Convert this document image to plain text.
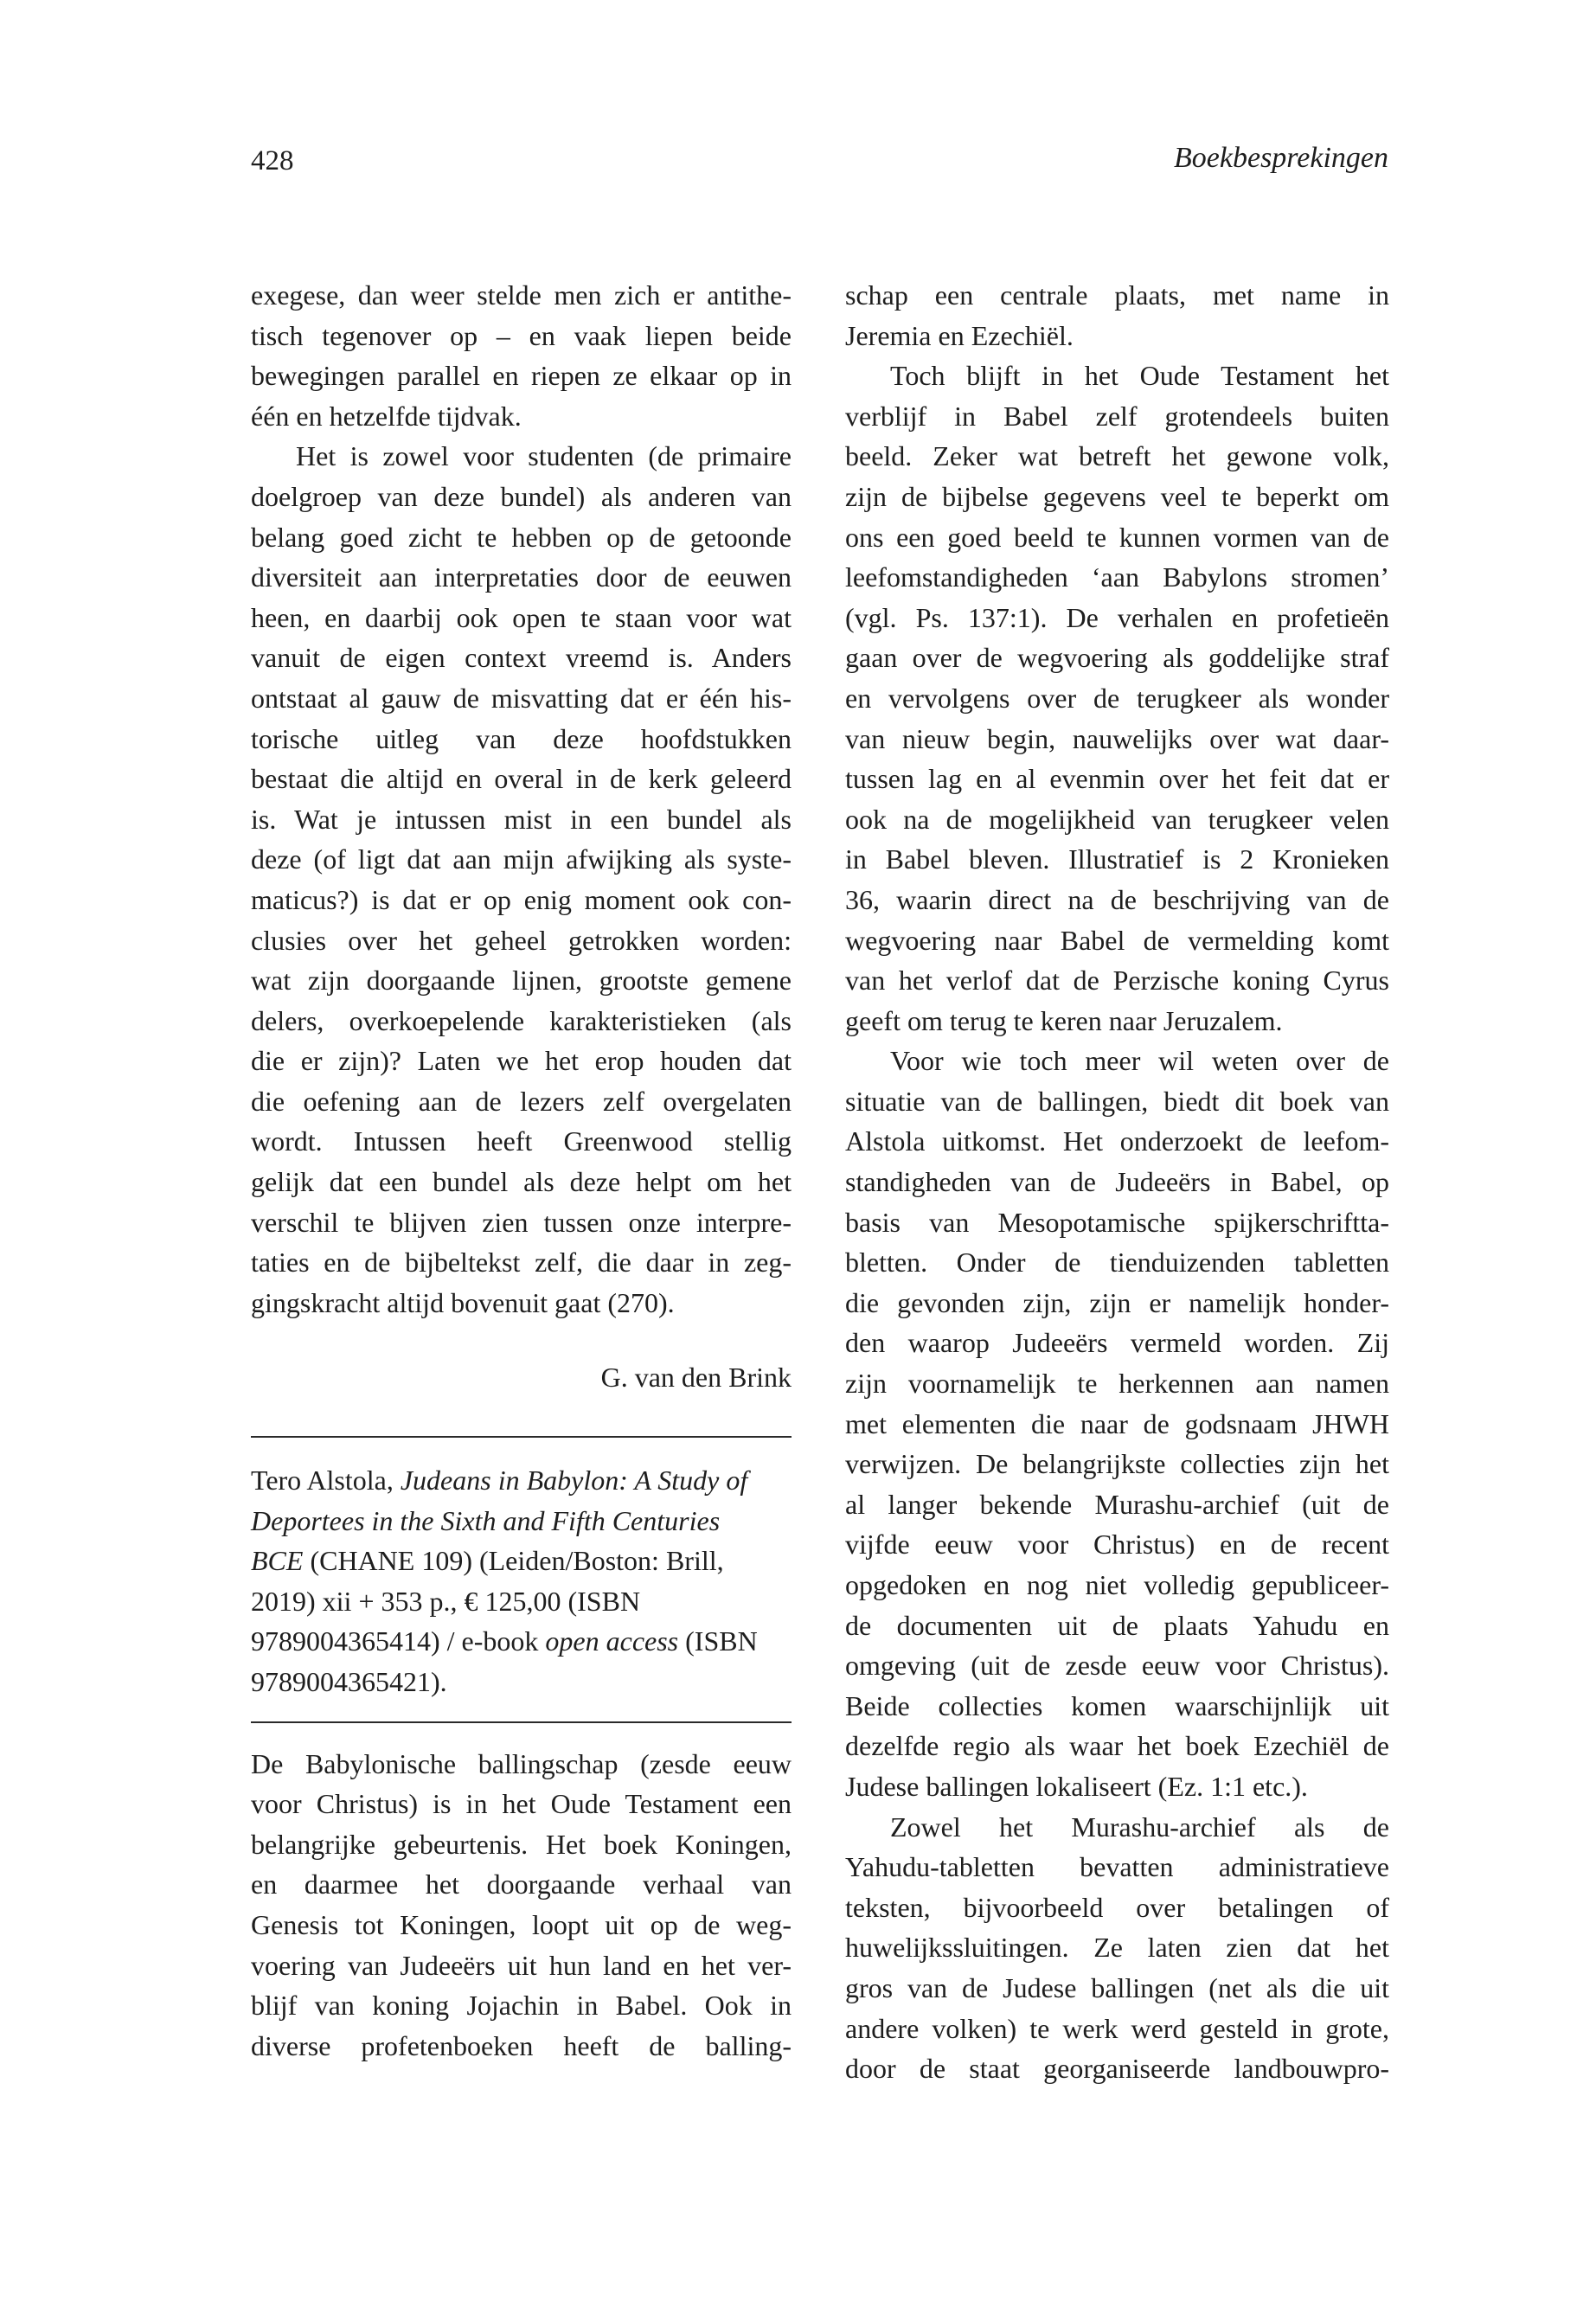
428	Boekbesprekingen
exegese, dan weer stelde men zich er antithe-
tisch tegenover op – en vaak liepen beide
bewegingen parallel en riepen ze elkaar op in
één en hetzelfde tijdvak.
Het is zowel voor studenten (de primaire
doelgroep van deze bundel) als anderen van
belang goed zicht te hebben op de getoonde
diversiteit aan interpretaties door de eeuwen
heen, en daarbij ook open te staan voor wat
vanuit de eigen context vreemd is. Anders
ontstaat al gauw de misvatting dat er één his-
torische uitleg van deze hoofdstukken
bestaat die altijd en overal in de kerk geleerd
is. Wat je intussen mist in een bundel als
deze (of ligt dat aan mijn afwijking als syste-
maticus?) is dat er op enig moment ook con-
clusies over het geheel getrokken worden:
wat zijn doorgaande lijnen, grootste gemene
delers, overkoepelende karakteristieken (als
die er zijn)? Laten we het erop houden dat
die oefening aan de lezers zelf overgelaten
wordt. Intussen heeft Greenwood stellig
gelijk dat een bundel als deze helpt om het
verschil te blijven zien tussen onze interpre-
taties en de bijbeltekst zelf, die daar in zeg-
gingskracht altijd bovenuit gaat (270).
G. van den Brink
Tero Alstola, Judeans in Babylon: A Study of
Deportees in the Sixth and Fifth Centuries
BCE (CHANE 109) (Leiden/Boston: Brill,
2019) xii + 353 p., € 125,00 (ISBN
9789004365414) / e-book open access (ISBN
9789004365421).
De Babylonische ballingschap (zesde eeuw
voor Christus) is in het Oude Testament een
belangrijke gebeurtenis. Het boek Koningen,
en daarmee het doorgaande verhaal van
Genesis tot Koningen, loopt uit op de weg-
voering van Judeeërs uit hun land en het ver-
blijf van koning Jojachin in Babel. Ook in
diverse profetenboeken heeft de balling-
schap een centrale plaats, met name in
Jeremia en Ezechiël.
Toch blijft in het Oude Testament het
verblijf in Babel zelf grotendeels buiten
beeld. Zeker wat betreft het gewone volk,
zijn de bijbelse gegevens veel te beperkt om
ons een goed beeld te kunnen vormen van de
leefomstandigheden ‘aan Babylons stromen’
(vgl. Ps. 137:1). De verhalen en profetieën
gaan over de wegvoering als goddelijke straf
en vervolgens over de terugkeer als wonder
van nieuw begin, nauwelijks over wat daar-
tussen lag en al evenmin over het feit dat er
ook na de mogelijkheid van terugkeer velen
in Babel bleven. Illustratief is 2 Kronieken
36, waarin direct na de beschrijving van de
wegvoering naar Babel de vermelding komt
van het verlof dat de Perzische koning Cyrus
geeft om terug te keren naar Jeruzalem.
Voor wie toch meer wil weten over de
situatie van de ballingen, biedt dit boek van
Alstola uitkomst. Het onderzoekt de leefom-
standigheden van de Judeeërs in Babel, op
basis van Mesopotamische spijkerschriftta-
bletten. Onder de tienduizenden tabletten
die gevonden zijn, zijn er namelijk honder-
den waarop Judeeërs vermeld worden. Zij
zijn voornamelijk te herkennen aan namen
met elementen die naar de godsnaam JHWH
verwijzen. De belangrijkste collecties zijn het
al langer bekende Murashu-archief (uit de
vijfde eeuw voor Christus) en de recent
opgedoken en nog niet volledig gepubliceer-
de documenten uit de plaats Yahudu en
omgeving (uit de zesde eeuw voor Christus).
Beide collecties komen waarschijnlijk uit
dezelfde regio als waar het boek Ezechiël de
Judese ballingen lokaliseert (Ez. 1:1 etc.).
Zowel het Murashu-archief als de
Yahudu-tabletten bevatten administratieve
teksten, bijvoorbeeld over betalingen of
huwelijkssluitingen. Ze laten zien dat het
gros van de Judese ballingen (net als die uit
andere volken) te werk werd gesteld in grote,
door de staat georganiseerde landbouwpro-
